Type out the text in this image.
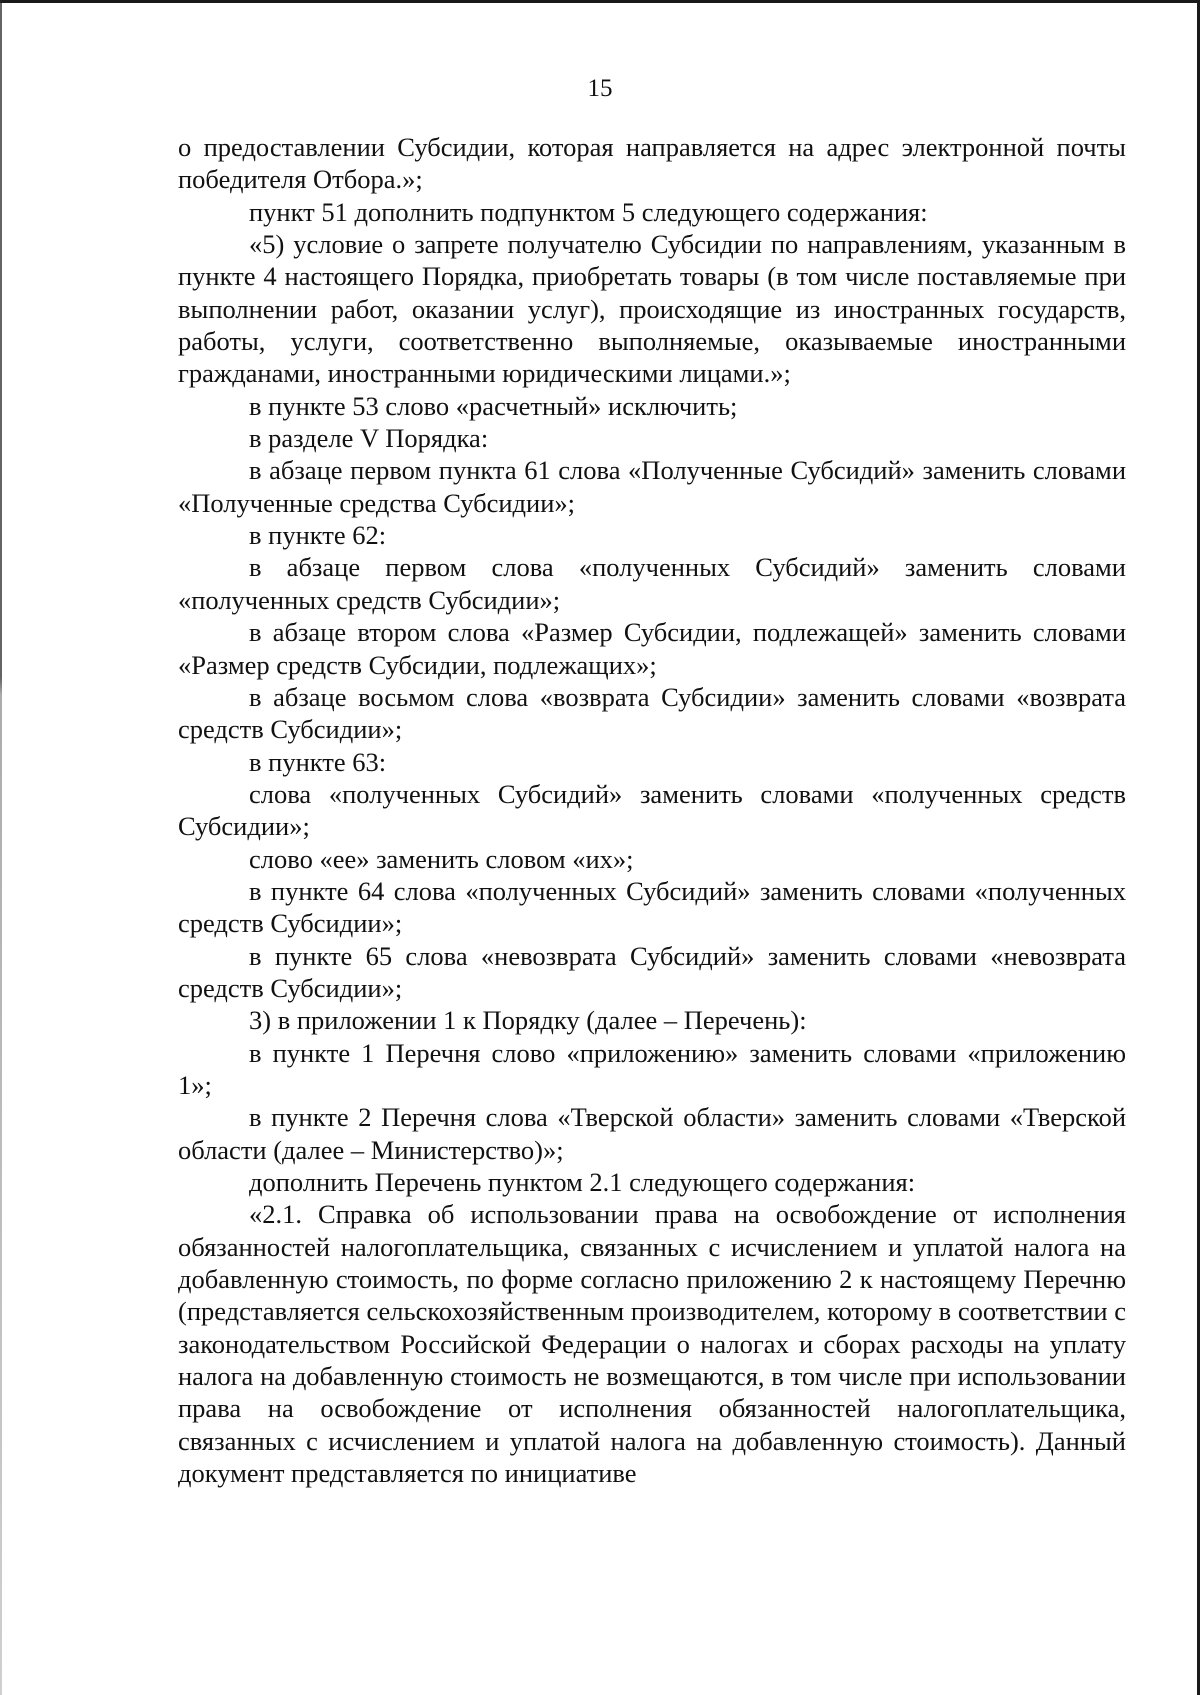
15

о предоставлении Субсидии, которая направляется на адрес электронной почты победителя Отбора.»;

пункт 51 дополнить подпунктом 5 следующего содержания:

«5) условие о запрете получателю Субсидии по направлениям, указанным в пункте 4 настоящего Порядка, приобретать товары (в том числе поставляемые при выполнении работ, оказании услуг), происходящие из иностранных государств, работы, услуги, соответственно выполняемые, оказываемые иностранными гражданами, иностранными юридическими лицами.»;

в пункте 53 слово «расчетный» исключить;

в разделе V Порядка:

в абзаце первом пункта 61 слова «Полученные Субсидий» заменить словами «Полученные средства Субсидии»;

в пункте 62:

в абзаце первом слова «полученных Субсидий» заменить словами «полученных средств Субсидии»;

в абзаце втором слова «Размер Субсидии, подлежащей» заменить словами «Размер средств Субсидии, подлежащих»;

в абзаце восьмом слова «возврата Субсидии» заменить словами «возврата средств Субсидии»;

в пункте 63:

слова «полученных Субсидий» заменить словами «полученных средств Субсидии»;

слово «ее» заменить словом «их»;

в пункте 64 слова «полученных Субсидий» заменить словами «полученных средств Субсидии»;

в пункте 65 слова «невозврата Субсидий» заменить словами «невозврата средств Субсидии»;

3) в приложении 1 к Порядку (далее – Перечень):

в пункте 1 Перечня слово «приложению» заменить словами «приложению 1»;

в пункте 2 Перечня слова «Тверской области» заменить словами «Тверской области (далее – Министерство)»;

дополнить Перечень пунктом 2.1 следующего содержания:

«2.1. Справка об использовании права на освобождение от исполнения обязанностей налогоплательщика, связанных с исчислением и уплатой налога на добавленную стоимость, по форме согласно приложению 2 к настоящему Перечню (представляется сельскохозяйственным производителем, которому в соответствии с законодательством Российской Федерации о налогах и сборах расходы на уплату налога на добавленную стоимость не возмещаются, в том числе при использовании права на освобождение от исполнения обязанностей налогоплательщика, связанных с исчислением и уплатой налога на добавленную стоимость). Данный документ представляется по инициативе
